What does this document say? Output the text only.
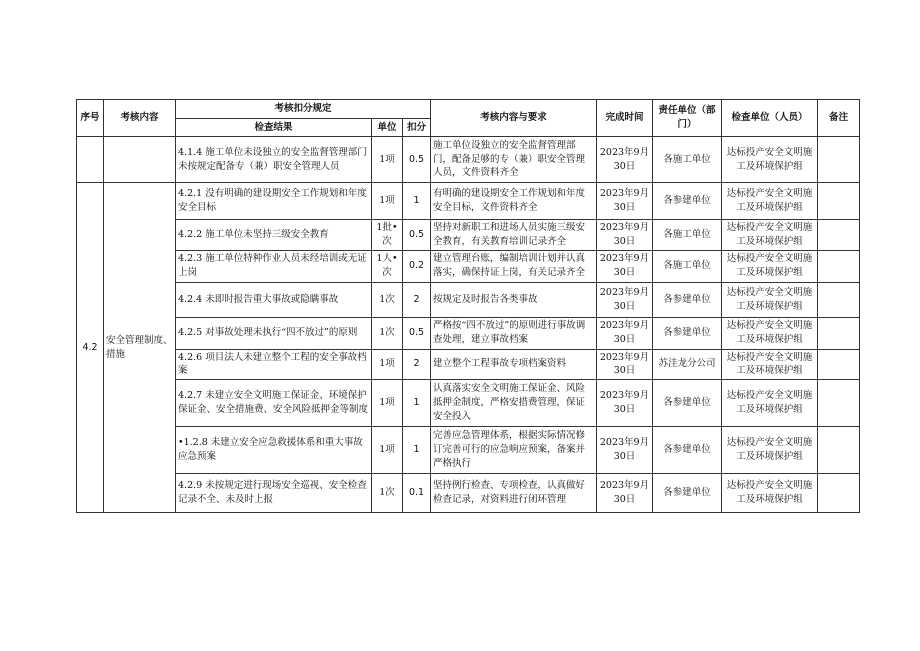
序号	考核内容	考核扣分规定			考核内容与要求	完成时间	责任单位（部门）	检查单位（人员）	备注
		检查结果	单位	扣分					
		4.1.4 施工单位未设独立的安全监督管理部门未按规定配备专（兼）职安全管理人员	1项	0.5	施工单位设独立的安全监督管理部门，配备足够的专（兼）职安全管理人员，文件资料齐全	2023年9月30日	各施工单位	达标投产安全文明施工及环境保护组	
4.2	安全管理制度、措施	4.2.1 没有明确的建设期安全工作规划和年度安全目标	1项	1	有明确的建设期安全工作规划和年度安全目标，文件资料齐全	2023年9月30日	各参建单位	达标投产安全文明施工及环境保护组	
		4.2.2 施工单位未坚持三级安全教育	1批•次	0.5	坚持对新职工和进场人员实施三级安全教育，有关教育培训记录齐全	2023年9月30日	各施工单位	达标投产安全文明施工及环境保护组	
		4.2.3 施工单位特种作业人员未经培训或无证上岗	1人•次	0.2	建立管理台账，编制培训计划并认真落实，确保持证上岗，有关记录齐全	2023年9月30日	各施工单位	达标投产安全文明施工及环境保护组	
		4.2.4 未即时报告重大事故或隐瞒事故	1次	2	按规定及时报告各类事故	2023年9月30日	各参建单位	达标投产安全文明施工及环境保护组	
		4.2.5 对事故处理未执行“四不放过”的原则	1次	0.5	严格按“四不放过”的原则进行事故调查处理，建立事故档案	2023年9月30日	各参建单位	达标投产安全文明施工及环境保护组	
		4.2.6 项目法人未建立整个工程的安全事故档案	1项	2	建立整个工程事故专项档案资料	2023年9月30日	苏洼龙分公司	达标投产安全文明施工及环境保护组	
		4.2.7 未建立安全文明施工保证金、环境保护保证金、安全措施费、安全风险抵押金等制度	1项	1	认真落实安全文明施工保证金、风险抵押金制度，严格安措费管理，保证安全投入	2023年9月30日	各参建单位	达标投产安全文明施工及环境保护组	
		•1.2.8 未建立安全应急救援体系和重大事故应急预案	1项	1	完善应急管理体系，根据实际情况修订完善可行的应急响应预案，备案并严格执行	2023年9月30日	各参建单位	达标投产安全文明施工及环境保护组	
		4.2.9 未按规定进行现场安全巡视、安全检查记录不全、未及时上报	1次	0.1	坚持例行检查、专项检查，认真做好检查记录，对资料进行闭环管理	2023年9月30日	各参建单位	达标投产安全文明施工及环境保护组	
